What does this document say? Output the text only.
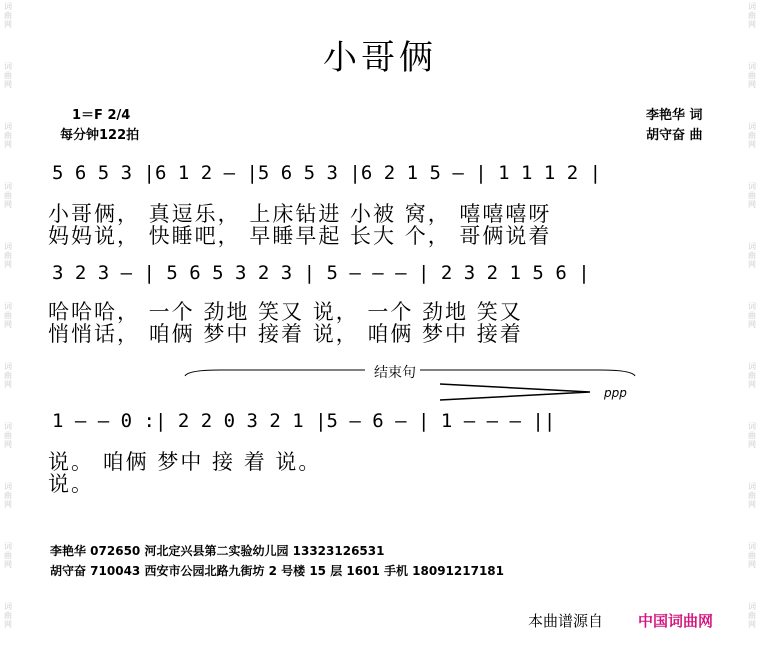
词
曲
网
词
曲
网
词
曲
网
词
曲
网
词
曲
网
词
曲
网
词
曲
网
词
曲
网
词
曲
网
词
曲
网
词
曲
网
词
曲
网
词
曲
网
词
曲
网
词
曲
网
词
曲
网
词
曲
网
词
曲
网
词
曲
网
词
曲
网
词
曲
网
词
曲
网
小哥俩
1＝F 2/4
每分钟122拍
李艳华 词
胡守奋 曲
5 6 5 3 |6 1 2 — |5 6 5 3 |6 2 1 5 — | 1 1 1 2 |
小哥俩， 真逗乐， 上床钻进 小被 窝， 嘻嘻嘻呀
妈妈说， 快睡吧， 早睡早起 长大 个， 哥俩说着
3 2 3 — | 5 6 5 3 2 3 | 5 — — — | 2 3 2 1 5 6 |
哈哈哈， 一个 劲地 笑又 说， 一个 劲地 笑又
悄悄话， 咱俩 梦中 接着 说， 咱俩 梦中 接着
结束句
ppp
1 — — 0 :| 2 2 0 3 2 1 |5 — 6 — | 1 — — — ||
说。 咱俩 梦中 接 着 说。
说。
李艳华 072650 河北定兴县第二实验幼儿园 13323126531
胡守奋 710043 西安市公园北路九街坊 2 号楼 15 层 1601 手机 18091217181
本曲谱源自 中国词曲网
